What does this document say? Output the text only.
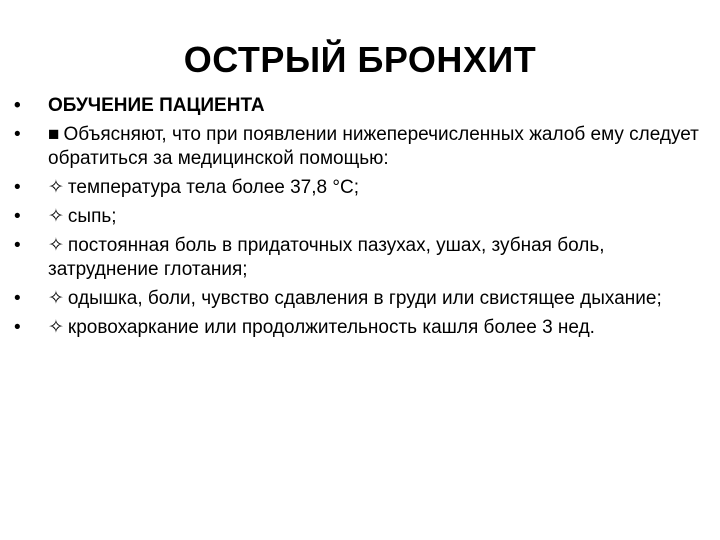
ОСТРЫЙ БРОНХИТ
• ОБУЧЕНИЕ ПАЦИЕНТА
• ■ Объясняют, что при появлении нижеперечисленных жалоб ему следует обратиться за медицинской помощью:
• ✧ температура тела более 37,8 °С;
• ✧ сыпь;
• ✧ постоянная боль в придаточных пазухах, ушах, зубная боль, затруднение глотания;
• ✧ одышка, боли, чувство сдавления в груди или свистящее дыхание;
• ✧ кровохаркание или продолжительность кашля более 3 нед.
